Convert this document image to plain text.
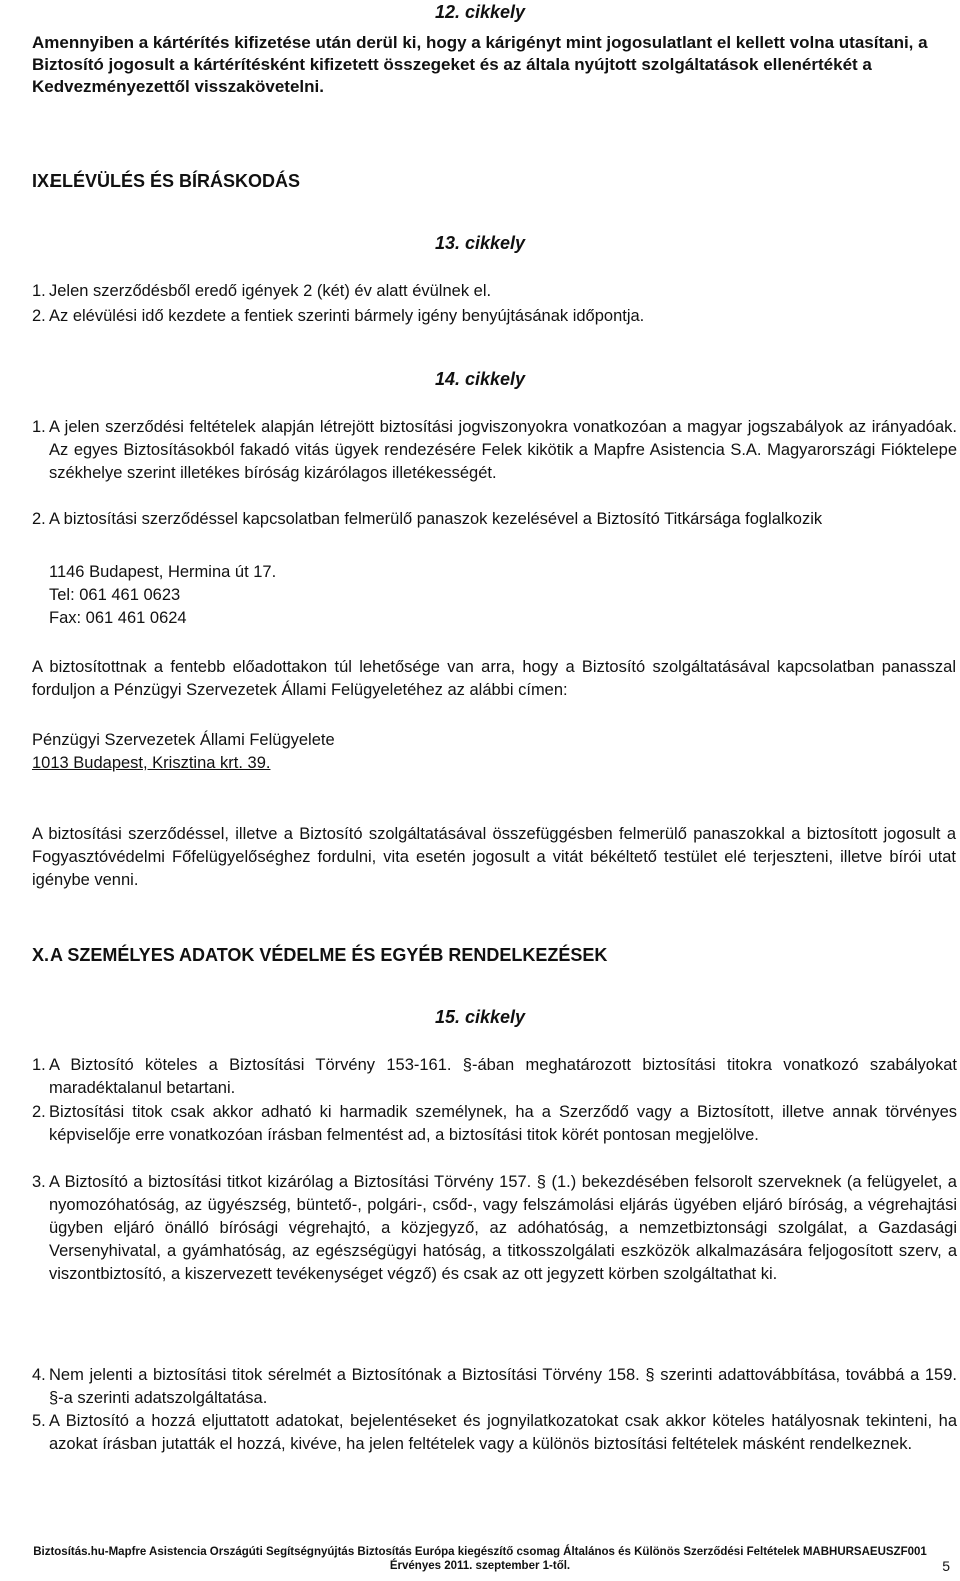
12. cikkely
Amennyiben a kártérítés kifizetése után derül ki, hogy a kárigényt mint jogosulatlant el kellett volna utasítani, a Biztosító jogosult a kártérítésként kifizetett összegeket és az általa nyújtott szolgáltatások ellenértékét a Kedvezményezettől visszakövetelni.
IX.
ELÉVÜLÉS ÉS BÍRÁSKODÁS
13. cikkely
1. Jelen szerződésből eredő igények 2 (két) év alatt évülnek el.
2. Az elévülési idő kezdete a fentiek szerinti bármely igény benyújtásának időpontja.
14. cikkely
1. A jelen szerződési feltételek alapján létrejött biztosítási jogviszonyokra vonatkozóan a magyar jogszabályok az irányadóak. Az egyes Biztosításokból fakadó vitás ügyek rendezésére Felek kikötik a Mapfre Asistencia S.A. Magyarországi Fióktelepe székhelye szerint illetékes bíróság kizárólagos illetékességét.
2. A biztosítási szerződéssel kapcsolatban felmerülő panaszok kezelésével a Biztosító Titkársága foglalkozik
1146 Budapest, Hermina út 17.
Tel: 061 461 0623
Fax: 061 461 0624
A biztosítottnak a fentebb előadottakon túl lehetősége van arra, hogy a Biztosító szolgáltatásával kapcsolatban panasszal forduljon a Pénzügyi Szervezetek Állami Felügyeletéhez az alábbi címen:
Pénzügyi Szervezetek Állami Felügyelete
1013 Budapest, Krisztina krt. 39.
A biztosítási szerződéssel, illetve a Biztosító szolgáltatásával összefüggésben felmerülő panaszokkal a biztosított jogosult a Fogyasztóvédelmi Főfelügyelőséghez fordulni, vita esetén jogosult a vitát békéltető testület elé terjeszteni, illetve bírói utat igénybe venni.
X. A SZEMÉLYES ADATOK VÉDELME ÉS EGYÉB RENDELKEZÉSEK
15. cikkely
1. A Biztosító köteles a Biztosítási Törvény 153-161. §-ában meghatározott biztosítási titokra vonatkozó szabályokat maradéktalanul betartani.
2. Biztosítási titok csak akkor adható ki harmadik személynek, ha a Szerződő vagy a Biztosított, illetve annak törvényes képviselője erre vonatkozóan írásban felmentést ad, a biztosítási titok körét pontosan megjelölve.
3. A Biztosító a biztosítási titkot kizárólag a Biztosítási Törvény 157. § (1.) bekezdésében felsorolt szerveknek (a felügyelet, a nyomozóhatóság, az ügyészség, büntető-, polgári-, csőd-, vagy felszámolási eljárás ügyében eljáró bíróság, a végrehajtási ügyben eljáró önálló bírósági végrehajtó, a közjegyző, az adóhatóság, a nemzetbiztonsági szolgálat, a Gazdasági Versenyhivatal, a gyámhatóság, az egészségügyi hatóság, a titkosszolgálati eszközök alkalmazására feljogosított szerv, a viszontbiztosító, a kiszervezett tevékenységet végző) és csak az ott jegyzett körben szolgáltathat ki.
4. Nem jelenti a biztosítási titok sérelmét a Biztosítónak a Biztosítási Törvény 158. § szerinti adattovábbítása, továbbá a 159. §-a szerinti adatszolgáltatása.
5. A Biztosító a hozzá eljuttatott adatokat, bejelentéseket és jognyilatkozatokat csak akkor köteles hatályosnak tekinteni, ha azokat írásban jutatták el hozzá, kivéve, ha jelen feltételek vagy a különös biztosítási feltételek másként rendelkeznek.
Biztosítás.hu-Mapfre Asistencia Országúti Segítségnyújtás Biztosítás Európa kiegészítő csomag Általános és Különös Szerződési Feltételek MABHURSAEUSZF001
Érvényes 2011. szeptember 1-től.	5
